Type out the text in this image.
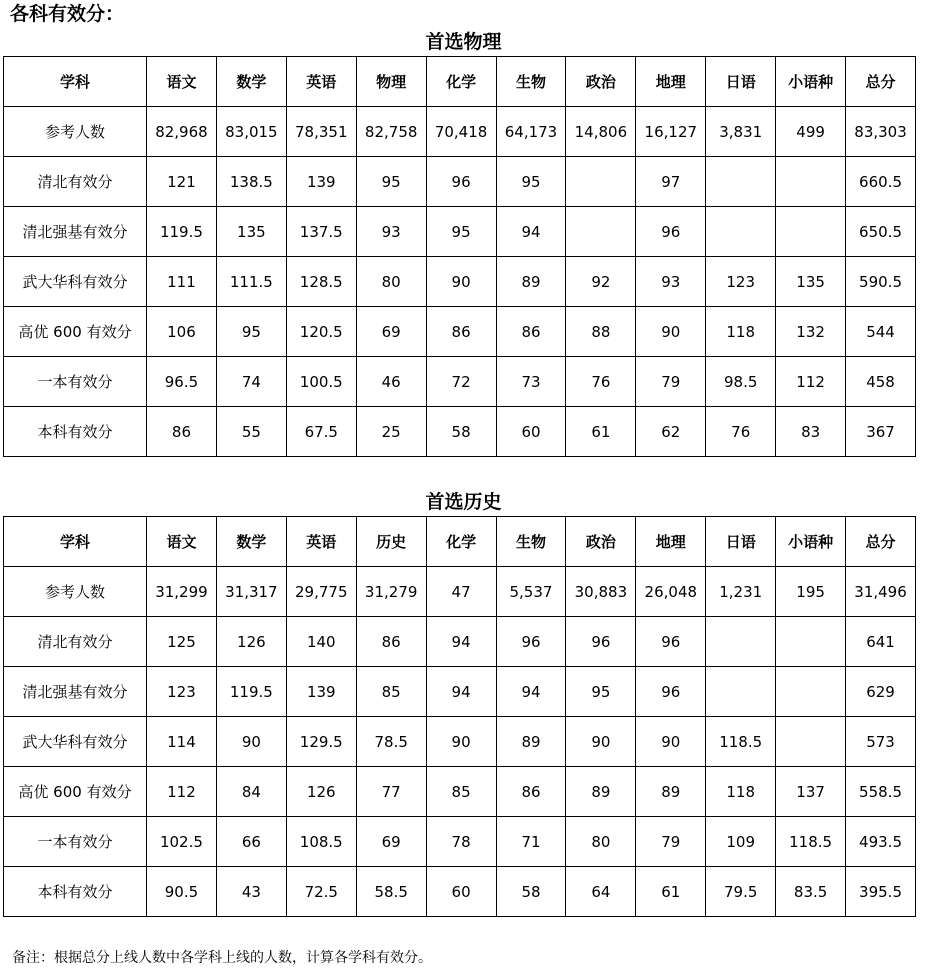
各科有效分：
首选物理
学科	语文	数学	英语	物理	化学	生物	政治	地理	日语	小语种	总分
参考人数	82,968	83,015	78,351	82,758	70,418	64,173	14,806	16,127	3,831	499	83,303
清北有效分	121	138.5	139	95	96	95		97			660.5
清北强基有效分	119.5	135	137.5	93	95	94		96			650.5
武大华科有效分	111	111.5	128.5	80	90	89	92	93	123	135	590.5
高优 600 有效分	106	95	120.5	69	86	86	88	90	118	132	544
一本有效分	96.5	74	100.5	46	72	73	76	79	98.5	112	458
本科有效分	86	55	67.5	25	58	60	61	62	76	83	367
首选历史
学科	语文	数学	英语	历史	化学	生物	政治	地理	日语	小语种	总分
参考人数	31,299	31,317	29,775	31,279	47	5,537	30,883	26,048	1,231	195	31,496
清北有效分	125	126	140	86	94	96	96	96			641
清北强基有效分	123	119.5	139	85	94	94	95	96			629
武大华科有效分	114	90	129.5	78.5	90	89	90	90	118.5		573
高优 600 有效分	112	84	126	77	85	86	89	89	118	137	558.5
一本有效分	102.5	66	108.5	69	78	71	80	79	109	118.5	493.5
本科有效分	90.5	43	72.5	58.5	60	58	64	61	79.5	83.5	395.5
备注：根据总分上线人数中各学科上线的人数，计算各学科有效分。
